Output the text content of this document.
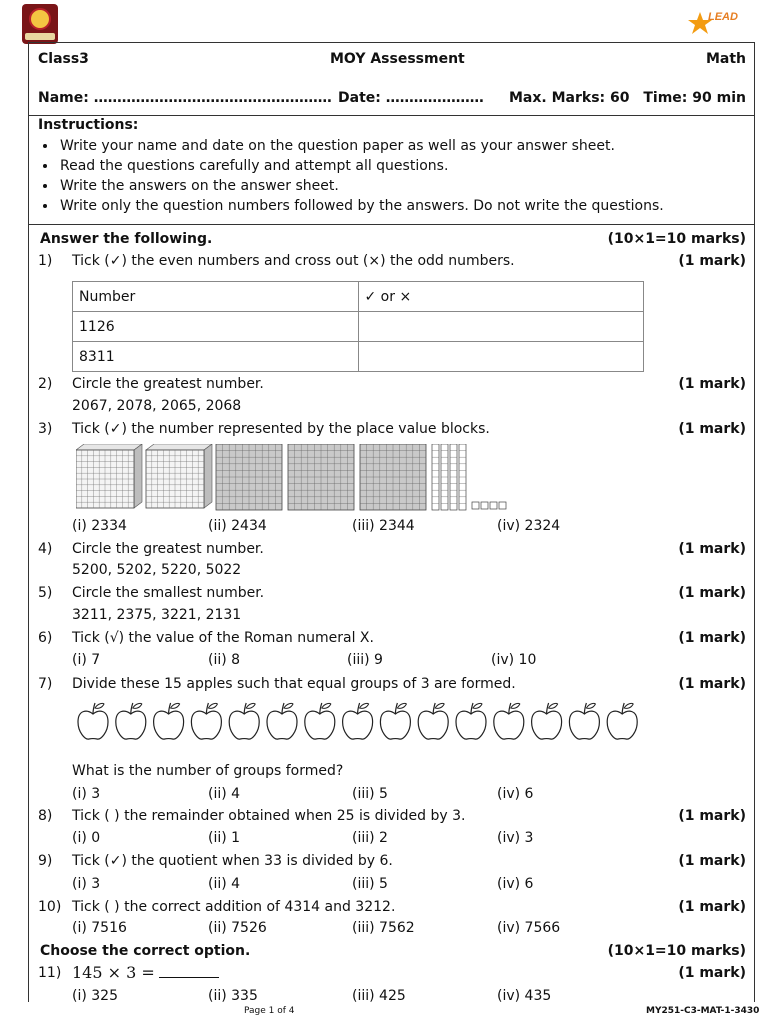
LEAD
Class3	MOY Assessment	Math
Name: …………………………………………… Date: ………………… Max. Marks: 60 Time: 90 min
Instructions:
• Write your name and date on the question paper as well as your answer sheet.
• Read the questions carefully and attempt all questions.
• Write the answers on the answer sheet.
• Write only the question numbers followed by the answers. Do not write the questions.
Answer the following.	(10×1=10 marks)
1) Tick (✓) the even numbers and cross out (×) the odd numbers.	(1 mark)
Number	✓ or ×
1126	
8311	
2) Circle the greatest number.	(1 mark)
2067, 2078, 2065, 2068
3) Tick (✓) the number represented by the place value blocks.	(1 mark)
(i) 2334	(ii) 2434	(iii) 2344	(iv) 2324
4) Circle the greatest number.	(1 mark)
5200, 5202, 5220, 5022
5) Circle the smallest number.	(1 mark)
3211, 2375, 3221, 2131
6) Tick (√) the value of the Roman numeral X.	(1 mark)
(i) 7	(ii) 8	(iii) 9	(iv) 10
7) Divide these 15 apples such that equal groups of 3 are formed.	(1 mark)
What is the number of groups formed?
(i) 3	(ii) 4	(iii) 5	(iv) 6
8) Tick ( ) the remainder obtained when 25 is divided by 3.	(1 mark)
(i) 0	(ii) 1	(iii) 2	(iv) 3
9) Tick (✓) the quotient when 33 is divided by 6.	(1 mark)
(i) 3	(ii) 4	(iii) 5	(iv) 6
10) Tick ( ) the correct addition of 4314 and 3212.	(1 mark)
(i) 7516	(ii) 7526	(iii) 7562	(iv) 7566
Choose the correct option.	(10×1=10 marks)
11) 145 × 3 =	(1 mark)
(i) 325	(ii) 335	(iii) 425	(iv) 435
Page 1 of 4	MY251-C3-MAT-1-3430
